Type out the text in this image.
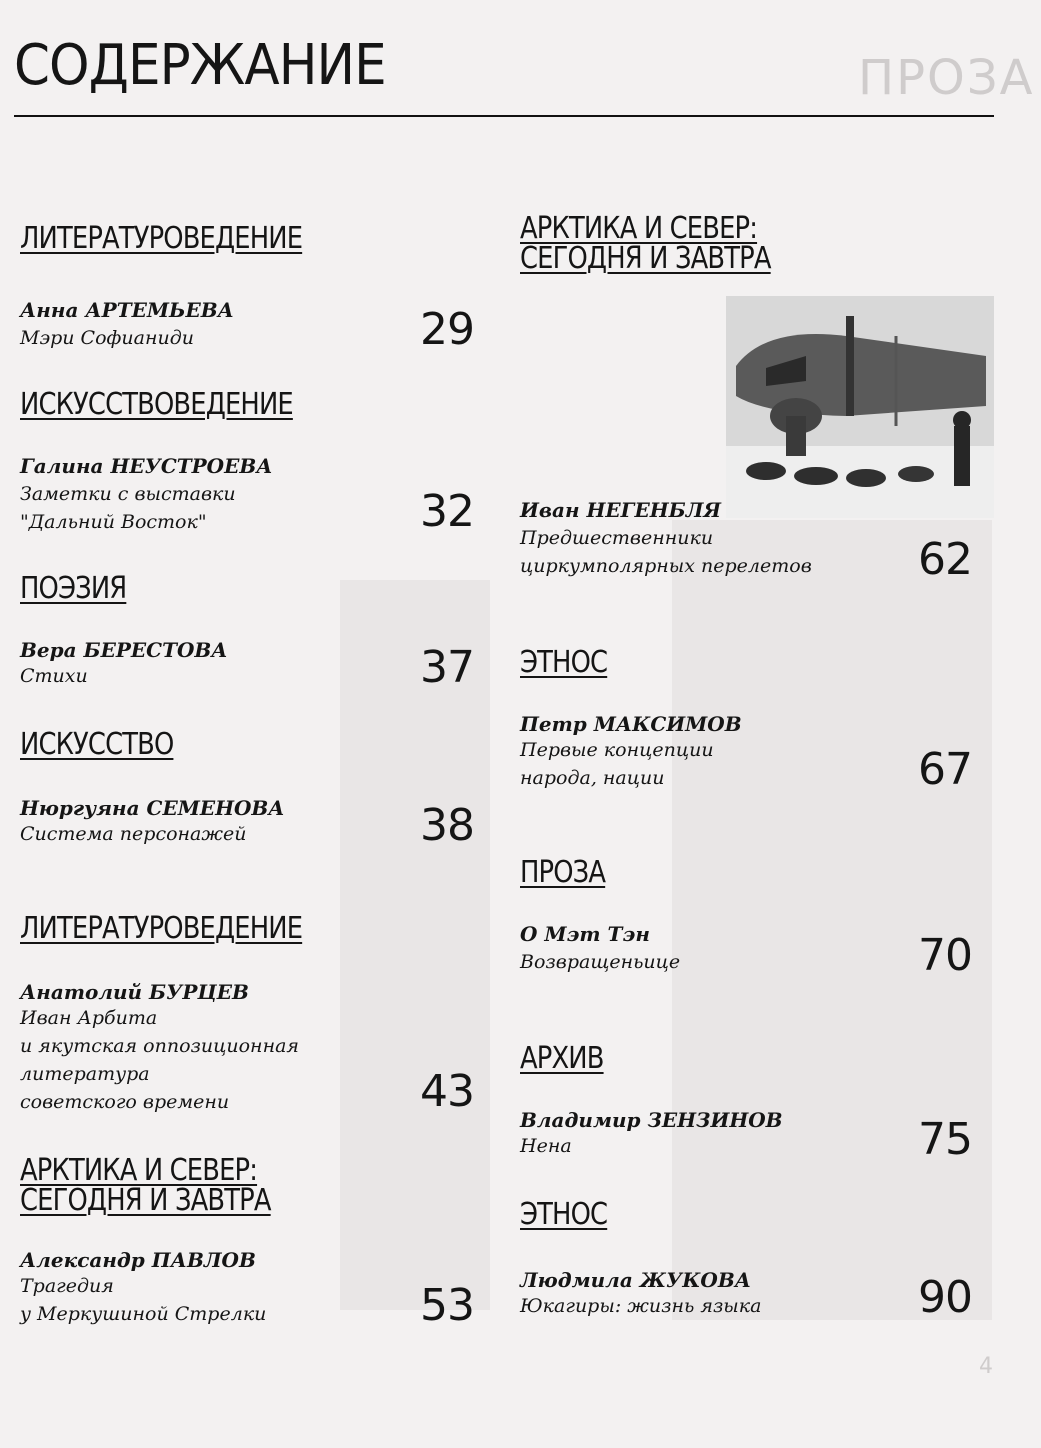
ПРОЗА
4
СОДЕРЖАНИЕ
ЛИТЕРАТУРОВЕДЕНИЕ
Анна АРТЕМЬЕВА
Мэри Софианиди	29
ИСКУССТВОВЕДЕНИЕ
Галина НЕУСТРОЕВА
Заметки с выставки
"Дальний Восток"	32
ПОЭЗИЯ
Вера БЕРЕСТОВА
Стихи	37
ИСКУССТВО
Нюргуяна СЕМЕНОВА
Система персонажей	38
ЛИТЕРАТУРОВЕДЕНИЕ
Анатолий БУРЦЕВ
Иван Арбита
и якутская оппозиционная
литература
советского времени	43
АРКТИКА И СЕВЕР:
СЕГОДНЯ И ЗАВТРА
Александр ПАВЛОВ
Трагедия
у Меркушиной Стрелки	53
АРКТИКА И СЕВЕР:
СЕГОДНЯ И ЗАВТРА
Иван НЕГЕНБЛЯ
Предшественники
циркумполярных перелетов 62
ЭТНОС
Петр МАКСИМОВ
Первые концепции
народа, нации	67
ПРОЗА
О Мэт Тэн
Возвращеньице	70
АРХИВ
Владимир ЗЕНЗИНОВ
Нена	75
ЭТНОС
Людмила ЖУКОВА
Юкагиры: жизнь языка	90
